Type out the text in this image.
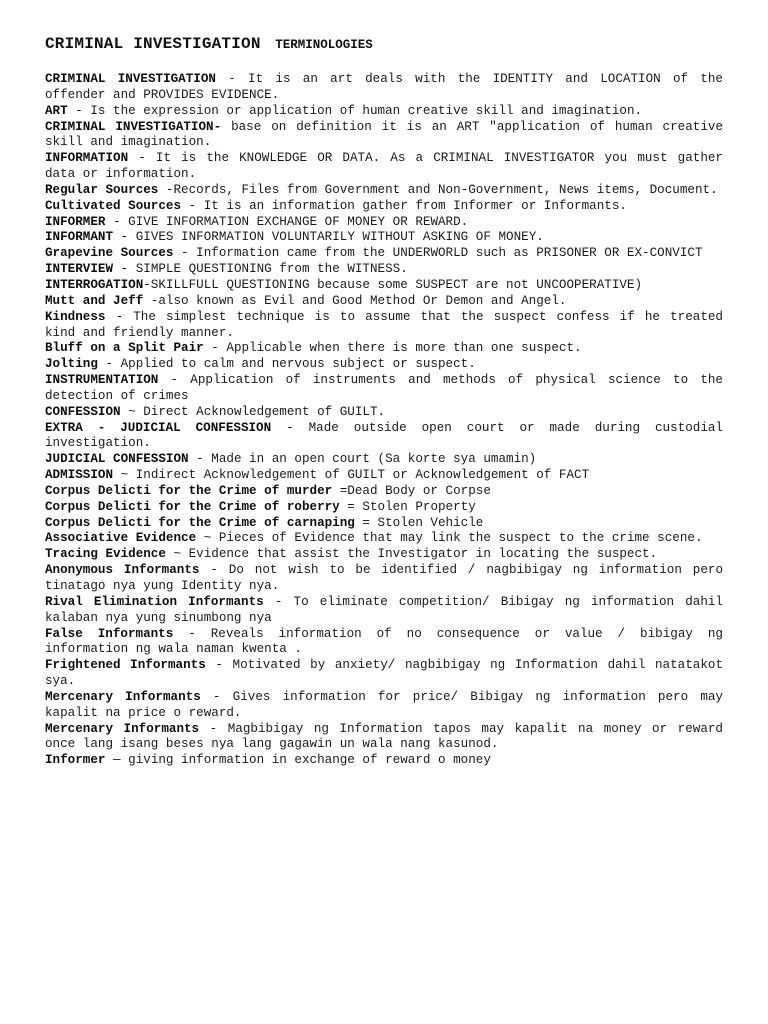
CRIMINAL INVESTIGATION TERMINOLOGIES

CRIMINAL INVESTIGATION - It is an art deals with the IDENTITY and LOCATION of the offender and PROVIDES EVIDENCE.

ART - Is the expression or application of human creative skill and imagination.

CRIMINAL INVESTIGATION- base on definition it is an ART "application of human creative skill and imagination.

INFORMATION - It is the KNOWLEDGE OR DATA. As a CRIMINAL INVESTIGATOR you must gather data or information.

Regular Sources -Records, Files from Government and Non-Government, News items, Document.

Cultivated Sources - It is an information gather from Informer or Informants.

INFORMER - GIVE INFORMATION EXCHANGE OF MONEY OR REWARD.

INFORMANT - GIVES INFORMATION VOLUNTARILY WITHOUT ASKING OF MONEY.

Grapevine Sources - Information came from the UNDERWORLD such as PRISONER OR EX-CONVICT

INTERVIEW - SIMPLE QUESTIONING from the WITNESS.

INTERROGATION-SKILLFULL QUESTIONING because some SUSPECT are not UNCOOPERATIVE)

Mutt and Jeff -also known as Evil and Good Method Or Demon and Angel.

Kindness - The simplest technique is to assume that the suspect confess if he treated kind and friendly manner.

Bluff on a Split Pair - Applicable when there is more than one suspect.

Jolting - Applied to calm and nervous subject or suspect.

INSTRUMENTATION - Application of instruments and methods of physical science to the detection of crimes

CONFESSION ~ Direct Acknowledgement of GUILT.

EXTRA - JUDICIAL CONFESSION - Made outside open court or made during custodial investigation.

JUDICIAL CONFESSION - Made in an open court (Sa korte sya umamin)

ADMISSION ~ Indirect Acknowledgement of GUILT or Acknowledgement of FACT

Corpus Delicti for the Crime of murder =Dead Body or Corpse

Corpus Delicti for the Crime of roberry = Stolen Property

Corpus Delicti for the Crime of carnaping = Stolen Vehicle

Associative Evidence ~ Pieces of Evidence that may link the suspect to the crime scene.

Tracing Evidence ~ Evidence that assist the Investigator in locating the suspect.

Anonymous Informants - Do not wish to be identified / nagbibigay ng information pero tinatago nya yung Identity nya.

Rival Elimination Informants - To eliminate competition/ Bibigay ng information dahil kalaban nya yung sinumbong nya

False Informants - Reveals information of no consequence or value / bibigay ng information ng wala naman kwenta .

Frightened Informants - Motivated by anxiety/ nagbibigay ng Information dahil natatakot sya.

Mercenary Informants - Gives information for price/ Bibigay ng information pero may kapalit na price o reward.

Mercenary Informants - Magbibigay ng Information tapos may kapalit na money or reward once lang isang beses nya lang gagawin un wala nang kasunod.

Informer — giving information in exchange of reward o money
